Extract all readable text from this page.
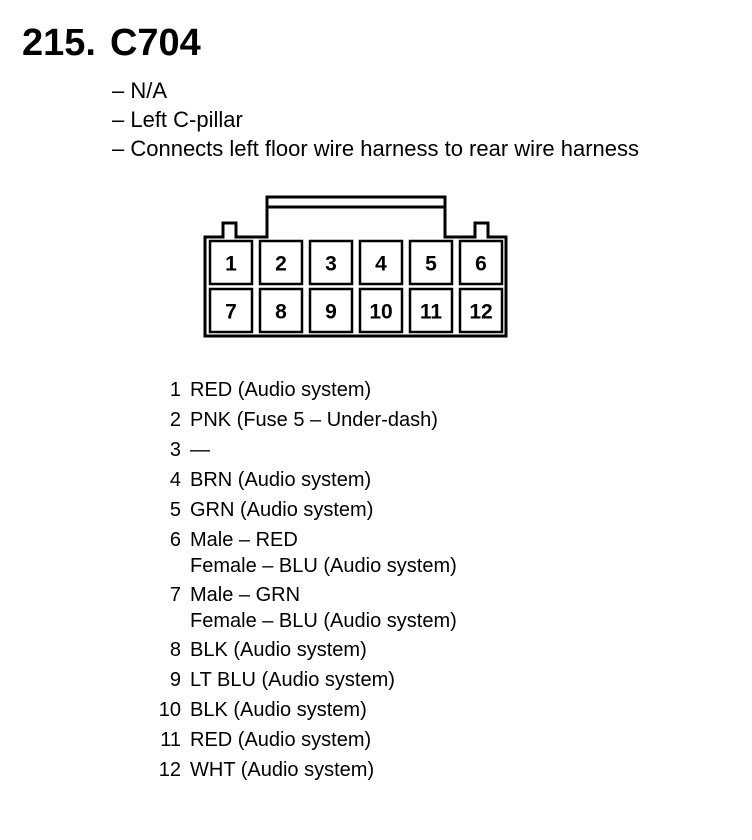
215. C704
– N/A
– Left C-pillar
– Connects left floor wire harness to rear wire harness
1 2 3 4 5 6
7 8 9 10 11 12
1 RED (Audio system)
2 PNK (Fuse 5 – Under-dash)
3 —
4 BRN (Audio system)
5 GRN (Audio system)
6 Male – RED
Female – BLU (Audio system)
7 Male – GRN
Female – BLU (Audio system)
8 BLK (Audio system)
9 LT BLU (Audio system)
10 BLK (Audio system)
11 RED (Audio system)
12 WHT (Audio system)
